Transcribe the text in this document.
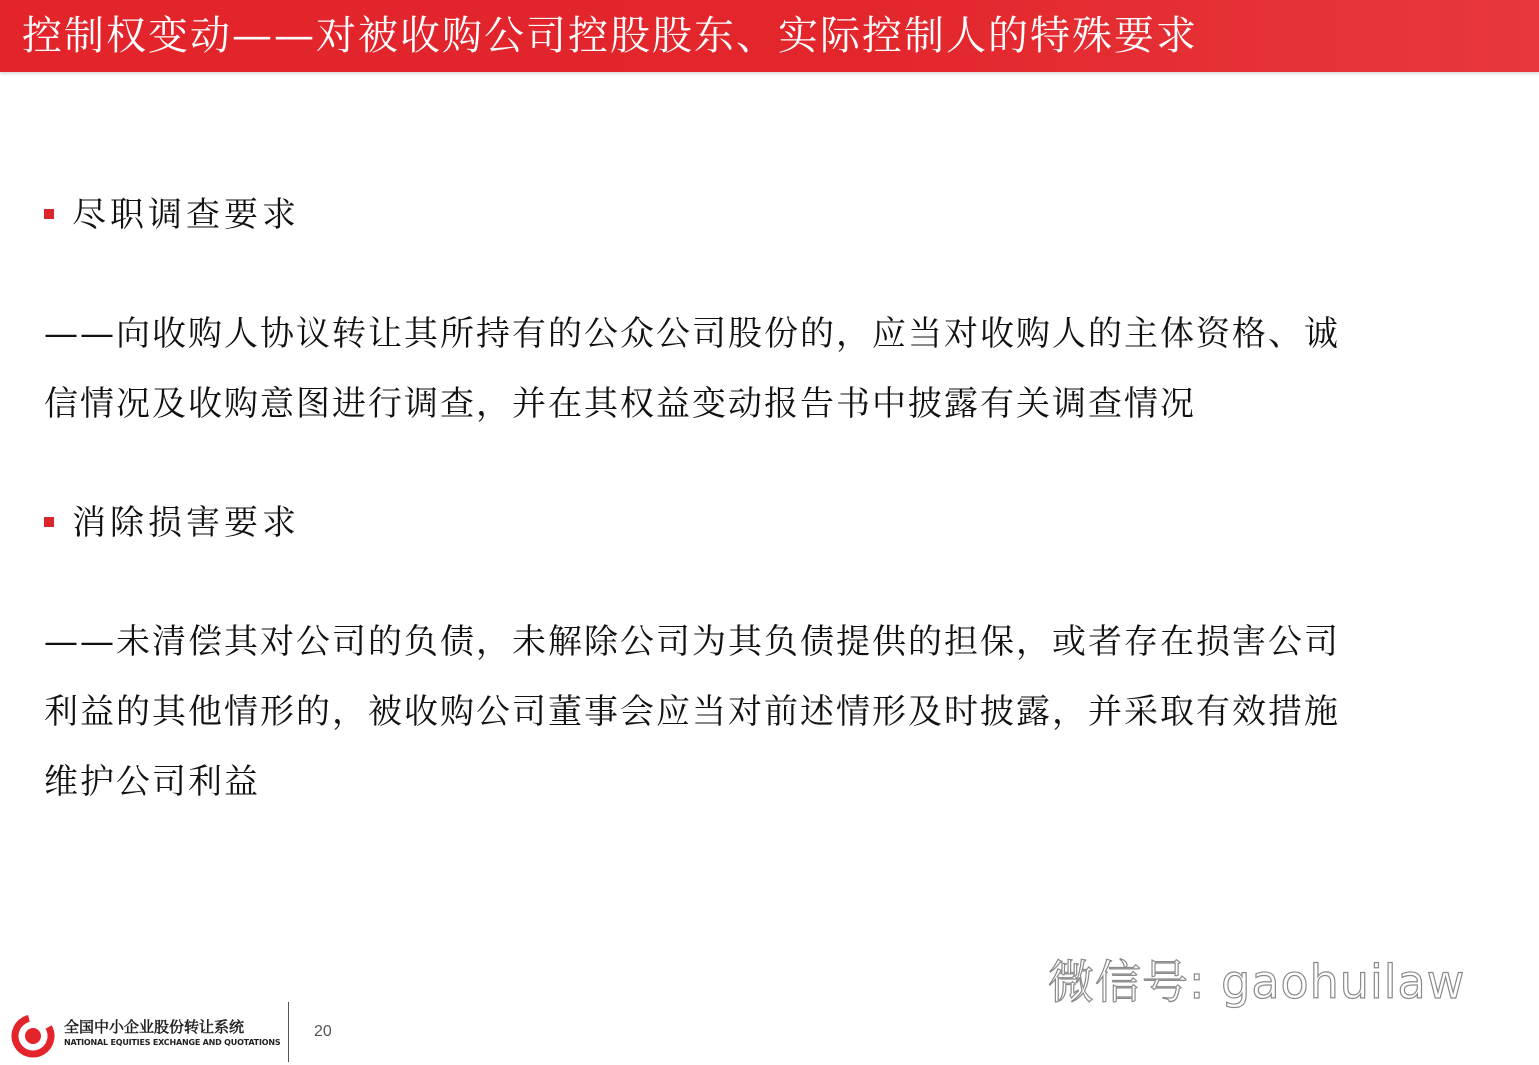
控制权变动——对被收购公司控股股东、实际控制人的特殊要求
尽职调查要求
——向收购人协议转让其所持有的公众公司股份的，应当对收购人的主体资格、诚
信情况及收购意图进行调查，并在其权益变动报告书中披露有关调查情况
消除损害要求
——未清偿其对公司的负债，未解除公司为其负债提供的担保，或者存在损害公司
利益的其他情形的，被收购公司董事会应当对前述情形及时披露，并采取有效措施
维护公司利益
微信号: gaohuilaw
全国中小企业股份转让系统
NATIONAL EQUITIES EXCHANGE AND QUOTATIONS
20
